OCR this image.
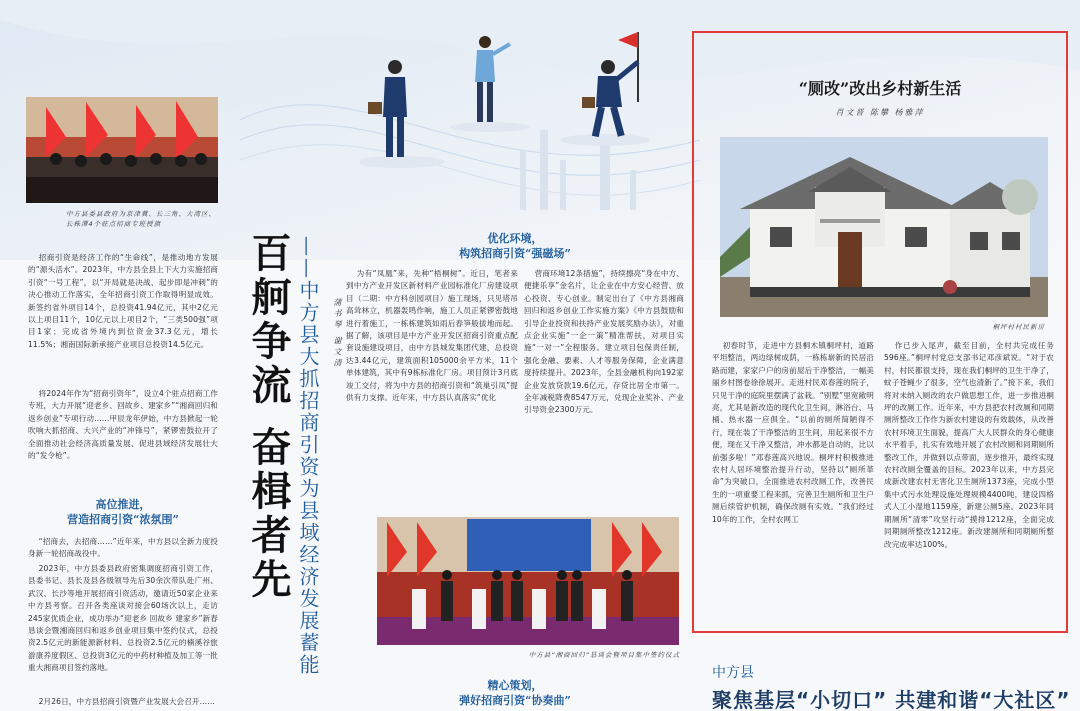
中方县委县政府为京津冀、长三角、大湾区、长株潭4个驻点招商专班授旗

招商引资是经济工作的“生命线”，是推动地方发展的“源头活水”。2023年，中方县全县上下大力实施招商引资“一号工程”，以“开局就是决战、起步即是冲刺”的决心推动工作落实，全年招商引资工作取得明显成效。新签约省外项目14个，总投资41.94亿元，其中2亿元以上项目11个，10亿元以上项目2个，“三类500强”项目1家；完成省外境内到位资金37.3亿元，增长11.5%；湘南国际新承接产业项目总投资14.5亿元。

将2024年作为“招商引资年”，设立4个驻点招商工作专班，大力开展“迎老乡、回故乡、建家乡”“湘商回归和返乡创业”专项行动……甲辰龙年伊始，中方县掀起一轮吹响大抓招商、大兴产业的“冲锋号”，紧锣密鼓拉开了全面推动社会经济高质量发展、促进县域经济发展壮大的“发令枪”。

高位推进，
营造招商引资“浓氛围”

“招商去，去招商……”近年来，中方县以全新力度投身新一轮招商战役中。

2023年，中方县委县政府密集调度招商引资工作，县委书记、县长及县各级领导先后30余次带队赴广州、武汉、长沙等地开展招商引资活动，邀请近50家企业来中方县考察。召开各类座谈对接会60场次以上，走访245家优质企业，成功举办“迎老乡 回故乡 建家乡”新春恳谈会暨湘商回归和返乡创业项目集中签约仪式，总投资2.5亿元的新能源新材料、总投资2.5亿元的楠溪谷旅游康养度假区、总投资3亿元的中药材种植及加工等一批重大湘商项目签约落地。

2月26日，中方县招商引资暨产业发展大会召开……

百舸争流 奋楫者先 ——中方县大抓招商引资为县域经济发展蓄能	蒲书琴 谢文清
优化环境，
构筑招商引资“强磁场”

为有“凤凰”来，先种“梧桐树”。近日，笔者来到中方产业开发区新材料产业园标准化厂房建设项目（二期：中方科创园项目）施工现场，只见塔吊高耸林立，机器轰鸣作响，施工人员正紧锣密鼓地进行着施工，一栋栋建筑如雨后春笋般拔地而起。据了解，该项目是中方产业开发区招商引资重点配套设施建设项目，由中方县城发集团代建，总投资达3.44亿元，建筑面积105000余平方米，11个单体建筑，其中有9栋标准化厂房。项目预计3月底竣工交付，将为中方县的招商引资和“筑巢引凤”提供有力支撑。近年来，中方县认真落实“优化

营商环境12条措施”，持续擦亮“身在中方、便捷乐享”金名片，让企业在中方安心经营、放心投资、专心创业。制定出台了《中方县湘商回归和返乡创业工作实施方案》《中方县鼓励和引导企业投资和扶持产业发展奖励办法》，对重点企业实施“一企一策”精准帮扶，对项目实施“一对一”全程服务。建立项目包保责任制，强化金融、要素、人才等服务保障，企业满意度持续提升。2023年，全县金融机构向192家企业发放贷款19.6亿元，存贷比居全市第一。全年减税降费8547万元，兑现企业奖补、产业引导资金2300万元。

中方县“湘商回归”恳谈会暨项目集中签约仪式
精心策划，
弹好招商引资“协奏曲”
“厕改”改出乡村新生活
肖文晋 陈攀 杨雅萍
桐坪村村民新房

初春时节，走进中方县桐木镇桐坪村，道路平坦整洁，两边绿树成荫，一栋栋崭新的民居沿路而建，家家户户的房前屋后干净整洁，一幅美丽乡村图卷徐徐展开。走进村民邓春莲的院子，只见干净的庭院里摆满了盆栽。“别墅”里宽敞明亮，尤其是新改造的现代化卫生间，淋浴台、马桶、热水器一应俱全。“以前的厕所简陋得不行，现在装了干净整洁的卫生间，用起来很不方便，现在又干净又整洁，冲水都是自动的，比以前强多啦！”邓春莲高兴地说。桐坪村积极推进农村人居环境整治提升行动，坚持以“厕所革命”为突破口，全面推进农村改厕工作，改善民生的一项重要工程来抓，完善卫生厕所和卫生户厕后续管护机制，确保改厕有实效。“我们经过10年的工作，全村农网工

作已步入尾声，截至目前，全村共完成任务596座。”桐坪村党总支部书记邓彦斌说。“对于农村，村民都很支持，现在我们桐坪的卫生干净了，蚊子苍蝇少了很多，空气也清新了。”接下来，我们将对未纳入厕改的农户做思想工作，进一步推进桐坪的改厕工作。近年来，中方县把农村改厕和同期厕所整改工作作为新农村建设的有效载体，从改善农村环境卫生面貌，提高广大人民群众的身心健康水平着手，扎实有效地开展了农村改厕和同期厕所整改工作，并做到以点带面，逐步推开，最终实现农村改厕全覆盖的目标。2023年以来，中方县完成新改建农村无害化卫生厕所1373座，完成小型集中式污水处理设施处理规模4400吨，建设四格式人工小湿地1159座，新建公厕5座。2023年同期厕所“清零”攻坚行动“摸排1212座，全面完成同期厕所整改1212座。新改建厕所和同期厕所整改完成率达100%。

中方县
聚焦基层“小切口” 共建和谐“大社区”
